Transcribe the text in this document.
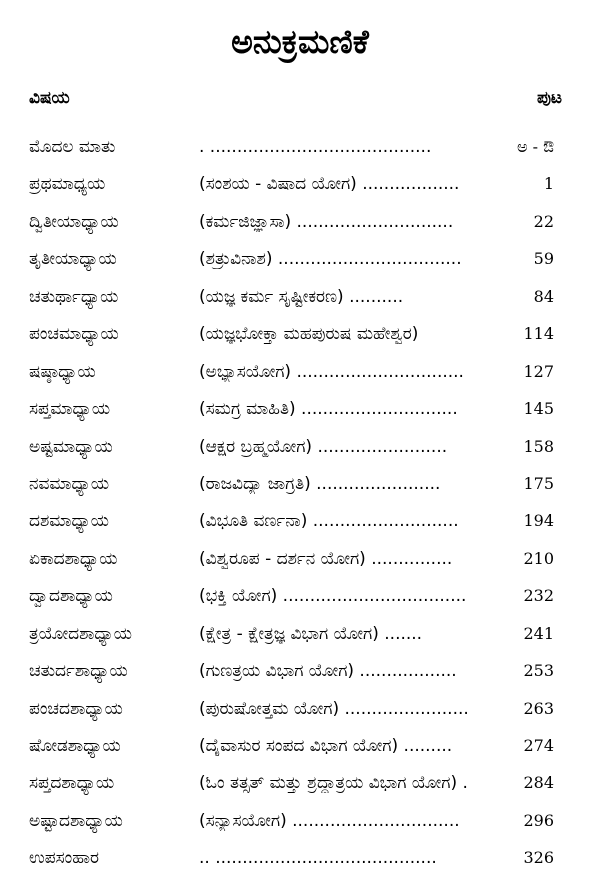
ಅನುಕ್ರಮಣಿಕೆ
ವಿಷಯ	ಪುಟ
ಮೊದಲ ಮಾತು	. .........................................	ಅ - ಔ
ಪ್ರಥಮಾಧ್ಯಯ	(ಸಂಶಯ - ವಿಷಾದ ಯೋಗ) ..................	1
ದ್ವಿತೀಯಾಧ್ಯಾಯ	(ಕರ್ಮಜಿಜ್ಞಾಸಾ) .............................	22
ತೃತೀಯಾಧ್ಯಾಯ	(ಶತ್ರುವಿನಾಶ) ..................................	59
ಚತುರ್ಥಾಧ್ಯಾಯ	(ಯಜ್ಞ ಕರ್ಮ ಸೃಷ್ಟೀಕರಣ) ..........	84
ಪಂಚಮಾಧ್ಯಾಯ	(ಯಜ್ಞಭೋಕ್ತಾ ಮಹಪುರುಷ ಮಹೇಶ್ವರ)	114
ಷಷ್ಠಾಧ್ಯಾಯ	(ಅಭ್ಯಾಸಯೋಗ) ...............................	127
ಸಪ್ತಮಾಧ್ಯಾಯ	(ಸಮಗ್ರ ಮಾಹಿತಿ) .............................	145
ಅಷ್ಟಮಾಧ್ಯಾಯ	(ಆಕ್ಷರ ಬ್ರಹ್ಮಯೋಗ) ........................	158
ನವಮಾಧ್ಯಾಯ	(ರಾಜವಿದ್ಯಾ ಜಾಗ್ರತಿ) .......................	175
ದಶಮಾಧ್ಯಾಯ	(ವಿಭೂತಿ ವರ್ಣನಾ) ...........................	194
ಏಕಾದಶಾಧ್ಯಾಯ	(ವಿಶ್ವರೂಪ - ದರ್ಶನ ಯೋಗ) ...............	210
ದ್ವಾದಶಾಧ್ಯಾಯ	(ಭಕ್ತಿ ಯೋಗ) ..................................	232
ತ್ರಯೋದಶಾಧ್ಯಾಯ	(ಕ್ಷೇತ್ರ - ಕ್ಷೇತ್ರಜ್ಞ ವಿಭಾಗ ಯೋಗ) .......	241
ಚತುರ್ದಶಾಧ್ಯಾಯ	(ಗುಣತ್ರಯ ವಿಭಾಗ ಯೋಗ) ..................	253
ಪಂಚದಶಾಧ್ಯಾಯ	(ಪುರುಷೋತ್ತಮ ಯೋಗ) .......................	263
ಷೋಡಶಾಧ್ಯಾಯ	(ದೈವಾಸುರ ಸಂಪದ ವಿಭಾಗ ಯೋಗ) .........	274
ಸಪ್ತದಶಾಧ್ಯಾಯ	(ಓಂ ತತ್ಸತ್ ಮತ್ತು ಶ್ರದ್ಧಾತ್ರಯ ವಿಭಾಗ ಯೋಗ) .	284
ಅಷ್ಟಾದಶಾಧ್ಯಾಯ	(ಸನ್ಯಾಸಯೋಗ) ...............................	296
ಉಪಸಂಹಾರ	.. .........................................	326
